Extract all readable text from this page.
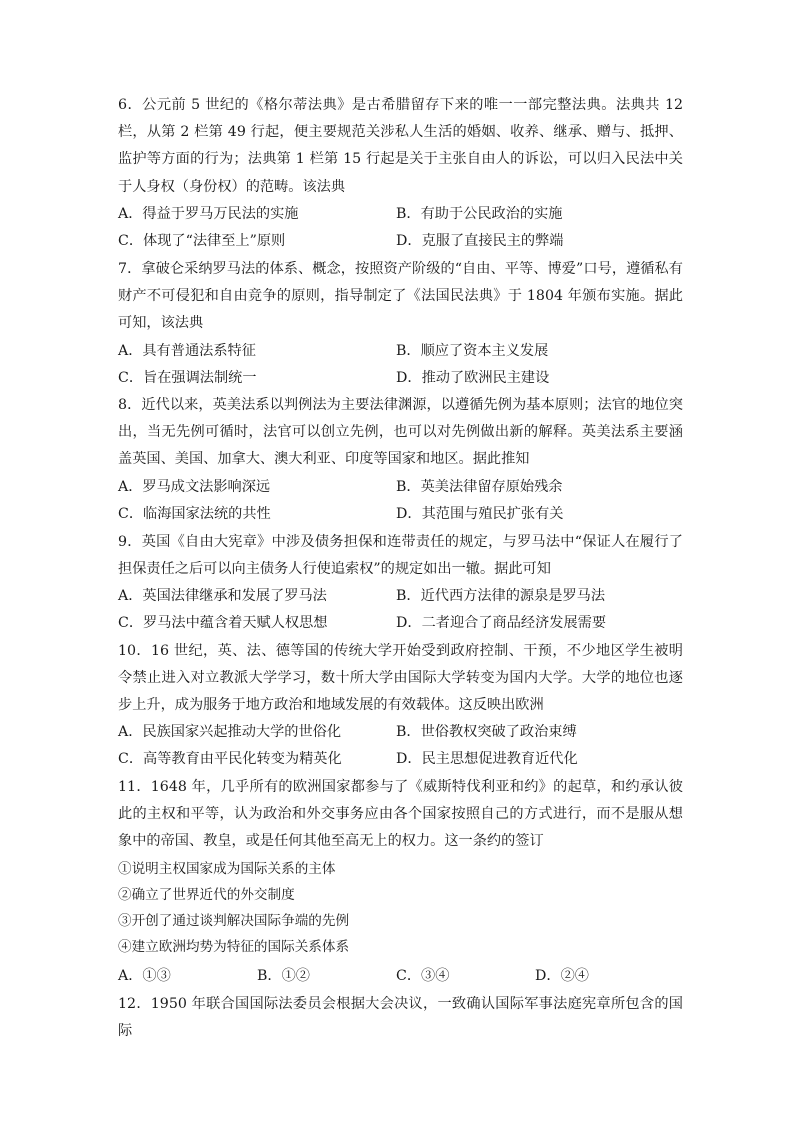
6．公元前 5 世纪的《格尔蒂法典》是古希腊留存下来的唯一一部完整法典。法典共 12 栏，从第 2 栏第 49 行起，便主要规范关涉私人生活的婚姻、收养、继承、赠与、抵押、监护等方面的行为；法典第 1 栏第 15 行起是关于主张自由人的诉讼，可以归入民法中关于人身权（身份权）的范畴。该法典
A．得益于罗马万民法的实施	B．有助于公民政治的实施
C．体现了“法律至上”原则	D．克服了直接民主的弊端
7．拿破仑采纳罗马法的体系、概念，按照资产阶级的“自由、平等、博爱”口号，遵循私有财产不可侵犯和自由竞争的原则，指导制定了《法国民法典》于 1804 年颁布实施。据此可知，该法典
A．具有普通法系特征	B．顺应了资本主义发展
C．旨在强调法制统一	D．推动了欧洲民主建设
8．近代以来，英美法系以判例法为主要法律渊源，以遵循先例为基本原则；法官的地位突出，当无先例可循时，法官可以创立先例，也可以对先例做出新的解释。英美法系主要涵盖英国、美国、加拿大、澳大利亚、印度等国家和地区。据此推知
A．罗马成文法影响深远	B．英美法律留存原始残余
C．临海国家法统的共性	D．其范围与殖民扩张有关
9．英国《自由大宪章》中涉及债务担保和连带责任的规定，与罗马法中“保证人在履行了担保责任之后可以向主债务人行使追索权”的规定如出一辙。据此可知
A．英国法律继承和发展了罗马法	B．近代西方法律的源泉是罗马法
C．罗马法中蕴含着天赋人权思想	D．二者迎合了商品经济发展需要
10．16 世纪，英、法、德等国的传统大学开始受到政府控制、干预，不少地区学生被明令禁止进入对立教派大学学习，数十所大学由国际大学转变为国内大学。大学的地位也逐步上升，成为服务于地方政治和地域发展的有效载体。这反映出欧洲
A．民族国家兴起推动大学的世俗化	B．世俗教权突破了政治束缚
C．高等教育由平民化转变为精英化	D．民主思想促进教育近代化
11．1648 年，几乎所有的欧洲国家都参与了《威斯特伐利亚和约》的起草，和约承认彼此的主权和平等，认为政治和外交事务应由各个国家按照自己的方式进行，而不是服从想象中的帝国、教皇，或是任何其他至高无上的权力。这一条约的签订
①说明主权国家成为国际关系的主体
②确立了世界近代的外交制度
③开创了通过谈判解决国际争端的先例
④建立欧洲均势为特征的国际关系体系
A．①③	B．①②	C．③④	D．②④
12．1950 年联合国国际法委员会根据大会决议，一致确认国际军事法庭宪章所包含的国际
